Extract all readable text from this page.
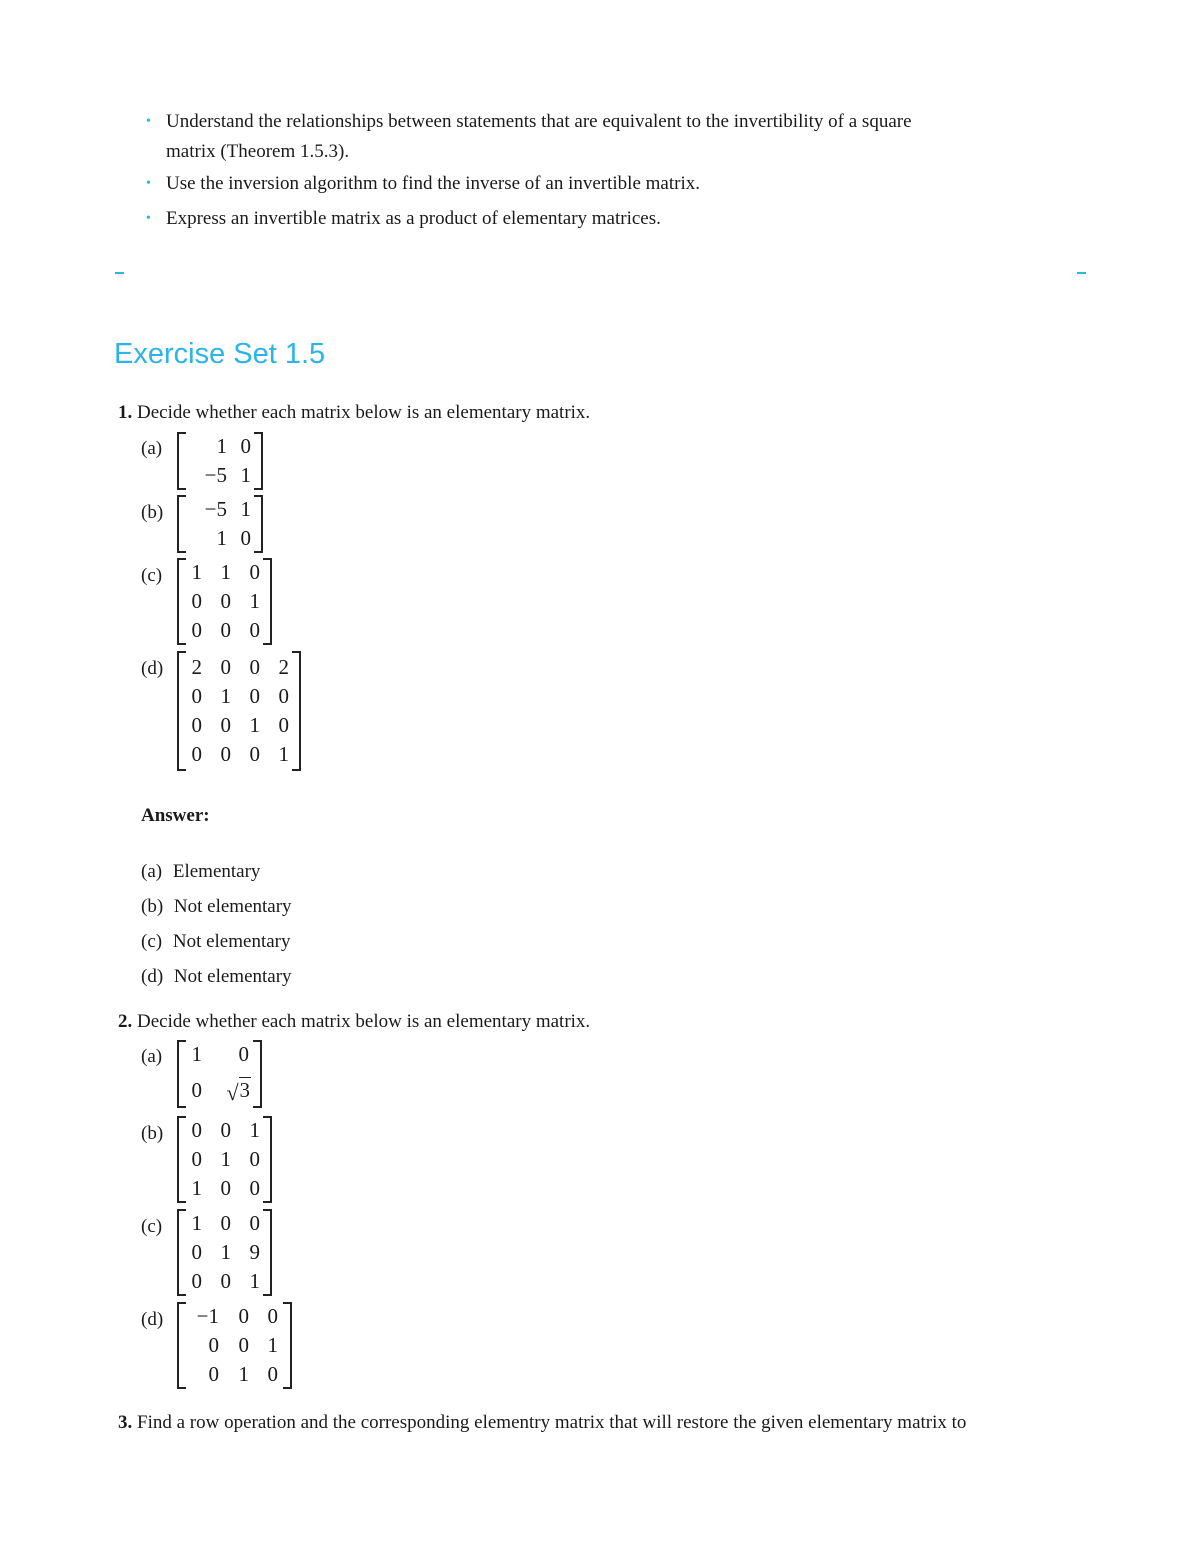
• Understand the relationships between statements that are equivalent to the invertibility of a square
matrix (Theorem 1.5.3).
• Use the inversion algorithm to find the inverse of an invertible matrix.
• Express an invertible matrix as a product of elementary matrices.
Exercise Set 1.5
1. Decide whether each matrix below is an elementary matrix.
(a)	1 0
−5 1
(b)	−5 1
1 0
(c) 1 1 0
0 0 1
0 0 0
(d) 2 0 0 2
0 1 0 0
0 0 1 0
0 0 0 1
Answer:
(a) Elementary
(b) Not elementary
(c) Not elementary
(d) Not elementary
2. Decide whether each matrix below is an elementary matrix.
(a) 1	0
0 √ 3
(b) 0 0 1
0 1 0
1 0 0
(c) 1 0 0
0 1 9
0 0 1
(d)	−1 0 0
0 0 1
0 1 0
3. Find a row operation and the corresponding elementry matrix that will restore the given elementary matrix to
